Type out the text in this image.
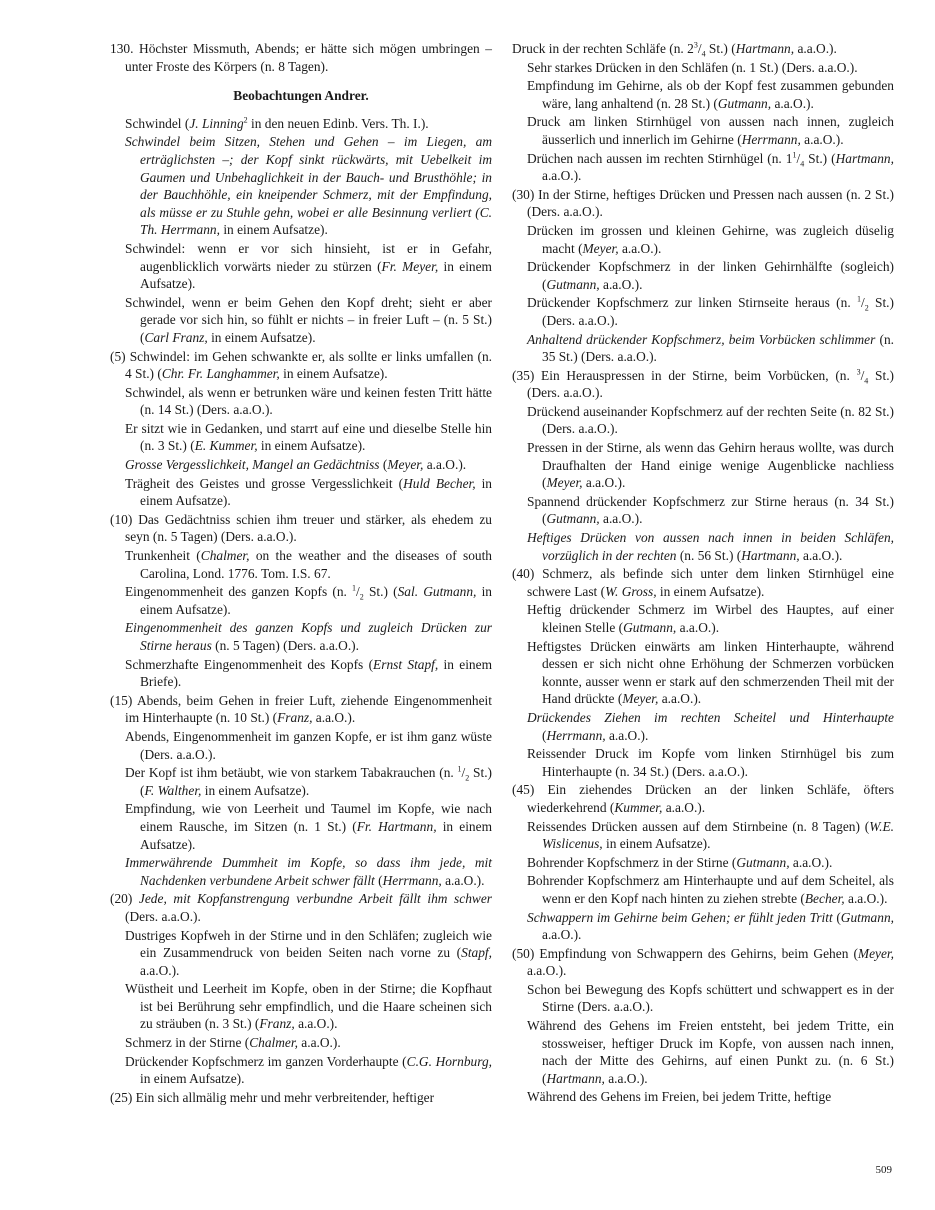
130. Höchster Missmuth, Abends; er hätte sich mögen umbringen – unter Froste des Körpers (n. 8 Tagen).
Beobachtungen Andrer.
Schwindel (J. Linning$^2$ in den neuen Edinb. Vers. Th. I.).
Schwindel beim Sitzen, Stehen und Gehen – im Liegen, am erträglichsten –; der Kopf sinkt rückwärts, mit Uebelkeit im Gaumen und Unbehaglichkeit in der Bauch- und Brusthöhle; in der Bauchhöhle, ein kneipender Schmerz, mit der Empfindung, als müsse er zu Stuhle gehn, wobei er alle Besinnung verliert (C. Th. Herrmann, in einem Aufsatze).
Schwindel: wenn er vor sich hinsieht, ist er in Gefahr, augenblicklich vorwärts nieder zu stürzen (Fr. Meyer, in einem Aufsatze).
Schwindel, wenn er beim Gehen den Kopf dreht; sieht er aber gerade vor sich hin, so fühlt er nichts – in freier Luft – (n. 5 St.) (Carl Franz, in einem Aufsatze).
(5) Schwindel: im Gehen schwankte er, als sollte er links umfallen (n. 4 St.) (Chr. Fr. Langhammer, in einem Aufsatze).
Schwindel, als wenn er betrunken wäre und keinen festen Tritt hätte (n. 14 St.) (Ders. a.a.O.).
Er sitzt wie in Gedanken, und starrt auf eine und dieselbe Stelle hin (n. 3 St.) (E. Kummer, in einem Aufsatze).
Grosse Vergesslichkeit, Mangel an Gedächtniss (Meyer, a.a.O.).
Trägheit des Geistes und grosse Vergesslichkeit (Huld Becher, in einem Aufsatze).
(10) Das Gedächtniss schien ihm treuer und stärker, als ehedem zu seyn (n. 5 Tagen) (Ders. a.a.O.).
Trunkenheit (Chalmer, on the weather and the diseases of south Carolina, Lond. 1776. Tom. I.S. 67.
Eingenommenheit des ganzen Kopfs (n. $^1/_2$ St.) (Sal. Gutmann, in einem Aufsatze).
Eingenommenheit des ganzen Kopfs und zugleich Drücken zur Stirne heraus (n. 5 Tagen) (Ders. a.a.O.).
Schmerzhafte Eingenommenheit des Kopfs (Ernst Stapf, in einem Briefe).
(15) Abends, beim Gehen in freier Luft, ziehende Eingenommenheit im Hinterhaupte (n. 10 St.) (Franz, a.a.O.).
Abends, Eingenommenheit im ganzen Kopfe, er ist ihm ganz wüste (Ders. a.a.O.).
Der Kopf ist ihm betäubt, wie von starkem Tabakrauchen (n. $^1/_2$ St.) (F. Walther, in einem Aufsatze).
Empfindung, wie von Leerheit und Taumel im Kopfe, wie nach einem Rausche, im Sitzen (n. 1 St.) (Fr. Hartmann, in einem Aufsatze).
Immerwährende Dummheit im Kopfe, so dass ihm jede, mit Nachdenken verbundene Arbeit schwer fällt (Herrmann, a.a.O.).
(20) Jede, mit Kopfanstrengung verbundne Arbeit fällt ihm schwer (Ders. a.a.O.).
Dustriges Kopfweh in der Stirne und in den Schläfen; zugleich wie ein Zusammendruck von beiden Seiten nach vorne zu (Stapf, a.a.O.).
Wüstheit und Leerheit im Kopfe, oben in der Stirne; die Kopfhaut ist bei Berührung sehr empfindlich, und die Haare scheinen sich zu sträuben (n. 3 St.) (Franz, a.a.O.).
Schmerz in der Stirne (Chalmer, a.a.O.).
Drückender Kopfschmerz im ganzen Vorderhaupte (C.G. Hornburg, in einem Aufsatze).
(25) Ein sich allmälig mehr und mehr verbreitender, heftiger
Druck in der rechten Schläfe (n. $2^3/_4$ St.) (Hartmann, a.a.O.).
Sehr starkes Drücken in den Schläfen (n. 1 St.) (Ders. a.a.O.).
Empfindung im Gehirne, als ob der Kopf fest zusammen gebunden wäre, lang anhaltend (n. 28 St.) (Gutmann, a.a.O.).
Druck am linken Stirnhügel von aussen nach innen, zugleich äusserlich und innerlich im Gehirne (Herrmann, a.a.O.).
Drüchen nach aussen im rechten Stirnhügel (n. $1^1/_4$ St.) (Hartmann, a.a.O.).
(30) In der Stirne, heftiges Drücken und Pressen nach aussen (n. 2 St.) (Ders. a.a.O.).
Drücken im grossen und kleinen Gehirne, was zugleich düselig macht (Meyer, a.a.O.).
Drückender Kopfschmerz in der linken Gehirnhälfte (sogleich) (Gutmann, a.a.O.).
Drückender Kopfschmerz zur linken Stirnseite heraus (n. $^1/_2$ St.) (Ders. a.a.O.).
Anhaltend drückender Kopfschmerz, beim Vorbücken schlimmer (n. 35 St.) (Ders. a.a.O.).
(35) Ein Herauspressen in der Stirne, beim Vorbücken, (n. $^3/_4$ St.) (Ders. a.a.O.).
Drückend auseinander Kopfschmerz auf der rechten Seite (n. 82 St.) (Ders. a.a.O.).
Pressen in der Stirne, als wenn das Gehirn heraus wollte, was durch Draufhalten der Hand einige wenige Augenblicke nachliess (Meyer, a.a.O.).
Spannend drückender Kopfschmerz zur Stirne heraus (n. 34 St.) (Gutmann, a.a.O.).
Heftiges Drücken von aussen nach innen in beiden Schläfen, vorzüglich in der rechten (n. 56 St.) (Hartmann, a.a.O.).
(40) Schmerz, als befinde sich unter dem linken Stirnhügel eine schwere Last (W. Gross, in einem Aufsatze).
Heftig drückender Schmerz im Wirbel des Hauptes, auf einer kleinen Stelle (Gutmann, a.a.O.).
Heftigstes Drücken einwärts am linken Hinterhaupte, während dessen er sich nicht ohne Erhöhung der Schmerzen vorbücken konnte, ausser wenn er stark auf den schmerzenden Theil mit der Hand drückte (Meyer, a.a.O.).
Drückendes Ziehen im rechten Scheitel und Hinterhaupte (Herrmann, a.a.O.).
Reissender Druck im Kopfe vom linken Stirnhügel bis zum Hinterhaupte (n. 34 St.) (Ders. a.a.O.).
(45) Ein ziehendes Drücken an der linken Schläfe, öfters wiederkehrend (Kummer, a.a.O.).
Reissendes Drücken aussen auf dem Stirnbeine (n. 8 Tagen) (W.E. Wislicenus, in einem Aufsatze).
Bohrender Kopfschmerz in der Stirne (Gutmann, a.a.O.).
Bohrender Kopfschmerz am Hinterhaupte und auf dem Scheitel, als wenn er den Kopf nach hinten zu ziehen strebte (Becher, a.a.O.).
Schwappern im Gehirne beim Gehen; er fühlt jeden Tritt (Gutmann, a.a.O.).
(50) Empfindung von Schwappern des Gehirns, beim Gehen (Meyer, a.a.O.).
Schon bei Bewegung des Kopfs schüttert und schwappert es in der Stirne (Ders. a.a.O.).
Während des Gehens im Freien entsteht, bei jedem Tritte, ein stossweiser, heftiger Druck im Kopfe, von aussen nach innen, nach der Mitte des Gehirns, auf einen Punkt zu. (n. 6 St.) (Hartmann, a.a.O.).
Während des Gehens im Freien, bei jedem Tritte, heftige
509
